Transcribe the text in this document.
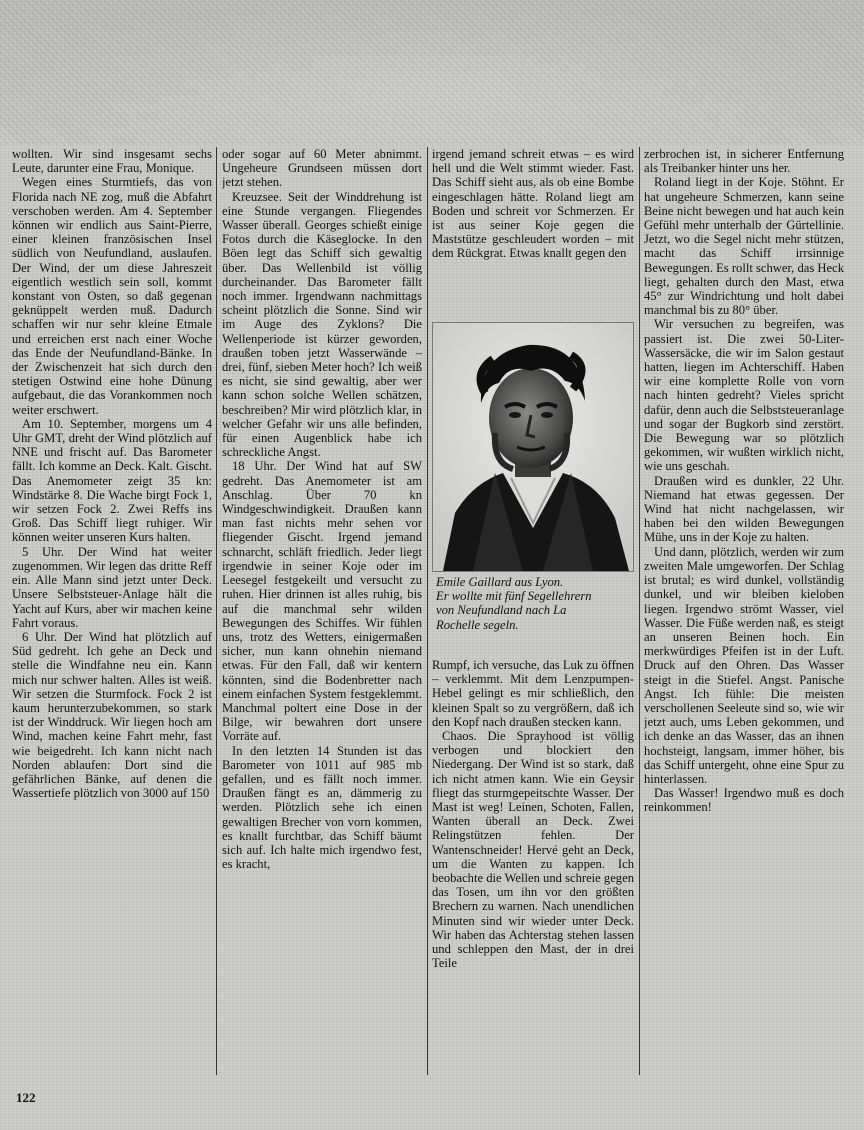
wollten. Wir sind insgesamt sechs Leute, darunter eine Frau, Monique.

Wegen eines Sturmtiefs, das von Florida nach NE zog, muß die Abfahrt verschoben werden. Am 4. September können wir endlich aus Saint-Pierre, einer kleinen französischen Insel südlich von Neufundland, auslaufen. Der Wind, der um diese Jahreszeit eigentlich westlich sein soll, kommt konstant von Osten, so daß gegenan geknüppelt werden muß. Dadurch schaffen wir nur sehr kleine Etmale und erreichen erst nach einer Woche das Ende der Neufundland-Bänke. In der Zwischenzeit hat sich durch den stetigen Ostwind eine hohe Dünung aufgebaut, die das Vorankommen noch weiter erschwert.

Am 10. September, morgens um 4 Uhr GMT, dreht der Wind plötzlich auf NNE und frischt auf. Das Barometer fällt. Ich komme an Deck. Kalt. Gischt. Das Anemometer zeigt 35 kn: Windstärke 8. Die Wache birgt Fock 1, wir setzen Fock 2. Zwei Reffs ins Groß. Das Schiff liegt ruhiger. Wir können weiter unseren Kurs halten.

5 Uhr. Der Wind hat weiter zugenommen. Wir legen das dritte Reff ein. Alle Mann sind jetzt unter Deck. Unsere Selbststeuer-Anlage hält die Yacht auf Kurs, aber wir machen keine Fahrt voraus.

6 Uhr. Der Wind hat plötzlich auf Süd gedreht. Ich gehe an Deck und stelle die Windfahne neu ein. Kann mich nur schwer halten. Alles ist weiß. Wir setzen die Sturmfock. Fock 2 ist kaum herunterzubekommen, so stark ist der Winddruck. Wir liegen hoch am Wind, machen keine Fahrt mehr, fast wie beigedreht. Ich kann nicht nach Norden ablaufen: Dort sind die gefährlichen Bänke, auf denen die Wassertiefe plötzlich von 3000 auf 150

oder sogar auf 60 Meter abnimmt. Ungeheure Grundseen müssen dort jetzt stehen.

Kreuzsee. Seit der Winddrehung ist eine Stunde vergangen. Fliegendes Wasser überall. Georges schießt einige Fotos durch die Käseglocke. In den Böen legt das Schiff sich gewaltig über. Das Wellenbild ist völlig durcheinander. Das Barometer fällt noch immer. Irgendwann nachmittags scheint plötzlich die Sonne. Sind wir im Auge des Zyklons? Die Wellenperiode ist kürzer geworden, draußen toben jetzt Wasserwände – drei, fünf, sieben Meter hoch? Ich weiß es nicht, sie sind gewaltig, aber wer kann schon solche Wellen schätzen, beschreiben? Mir wird plötzlich klar, in welcher Gefahr wir uns alle befinden, für einen Augenblick habe ich schreckliche Angst.

18 Uhr. Der Wind hat auf SW gedreht. Das Anemometer ist am Anschlag. Über 70 kn Windgeschwindigkeit. Draußen kann man fast nichts mehr sehen vor fliegender Gischt. Irgend jemand schnarcht, schläft friedlich. Jeder liegt irgendwie in seiner Koje oder im Leesegel festgekeilt und versucht zu ruhen. Hier drinnen ist alles ruhig, bis auf die manchmal sehr wilden Bewegungen des Schiffes. Wir fühlen uns, trotz des Wetters, einigermaßen sicher, nun kann ohnehin niemand etwas. Für den Fall, daß wir kentern könnten, sind die Bodenbretter nach einem einfachen System festgeklemmt. Manchmal poltert eine Dose in der Bilge, wir bewahren dort unsere Vorräte auf.

In den letzten 14 Stunden ist das Barometer von 1011 auf 985 mb gefallen, und es fällt noch immer. Draußen fängt es an, dämmerig zu werden. Plötzlich sehe ich einen gewaltigen Brecher von vorn kommen, es knallt furchtbar, das Schiff bäumt sich auf. Ich halte mich irgendwo fest, es kracht,

irgend jemand schreit etwas – es wird hell und die Welt stimmt wieder. Fast. Das Schiff sieht aus, als ob eine Bombe eingeschlagen hätte. Roland liegt am Boden und schreit vor Schmerzen. Er ist aus seiner Koje gegen die Maststütze geschleudert worden – mit dem Rückgrat. Etwas knallt gegen den

Emile Gaillard aus Lyon.
Er wollte mit fünf Segellehrern
von Neufundland nach La
Rochelle segeln.

Rumpf, ich versuche, das Luk zu öffnen – verklemmt. Mit dem Lenzpumpen-Hebel gelingt es mir schließlich, den kleinen Spalt so zu vergrößern, daß ich den Kopf nach draußen stecken kann.

Chaos. Die Sprayhood ist völlig verbogen und blockiert den Niedergang. Der Wind ist so stark, daß ich nicht atmen kann. Wie ein Geysir fliegt das sturmgepeitschte Wasser. Der Mast ist weg! Leinen, Schoten, Fallen, Wanten überall an Deck. Zwei Relingstützen fehlen. Der Wantenschneider! Hervé geht an Deck, um die Wanten zu kappen. Ich beobachte die Wellen und schreie gegen das Tosen, um ihn vor den größten Brechern zu warnen. Nach unendlichen Minuten sind wir wieder unter Deck. Wir haben das Achterstag stehen lassen und schleppen den Mast, der in drei Teile

zerbrochen ist, in sicherer Entfernung als Treibanker hinter uns her.

Roland liegt in der Koje. Stöhnt. Er hat ungeheure Schmerzen, kann seine Beine nicht bewegen und hat auch kein Gefühl mehr unterhalb der Gürtellinie. Jetzt, wo die Segel nicht mehr stützen, macht das Schiff irrsinnige Bewegungen. Es rollt schwer, das Heck liegt, gehalten durch den Mast, etwa 45° zur Windrichtung und holt dabei manchmal bis zu 80° über.

Wir versuchen zu begreifen, was passiert ist. Die zwei 50-Liter-Wassersäcke, die wir im Salon gestaut hatten, liegen im Achterschiff. Haben wir eine komplette Rolle von vorn nach hinten gedreht? Vieles spricht dafür, denn auch die Selbststeueranlage und sogar der Bugkorb sind zerstört. Die Bewegung war so plötzlich gekommen, wir wußten wirklich nicht, wie uns geschah.

Draußen wird es dunkler, 22 Uhr. Niemand hat etwas gegessen. Der Wind hat nicht nachgelassen, wir haben bei den wilden Bewegungen Mühe, uns in der Koje zu halten.

Und dann, plötzlich, werden wir zum zweiten Male umgeworfen. Der Schlag ist brutal; es wird dunkel, vollständig dunkel, und wir bleiben kieloben liegen. Irgendwo strömt Wasser, viel Wasser. Die Füße werden naß, es steigt an unseren Beinen hoch. Ein merkwürdiges Pfeifen ist in der Luft. Druck auf den Ohren. Das Wasser steigt in die Stiefel. Angst. Panische Angst. Ich fühle: Die meisten verschollenen Seeleute sind so, wie wir jetzt auch, ums Leben gekommen, und ich denke an das Wasser, das an ihnen hochsteigt, langsam, immer höher, bis das Schiff untergeht, ohne eine Spur zu hinterlassen.

Das Wasser! Irgendwo muß es doch reinkommen!

122
